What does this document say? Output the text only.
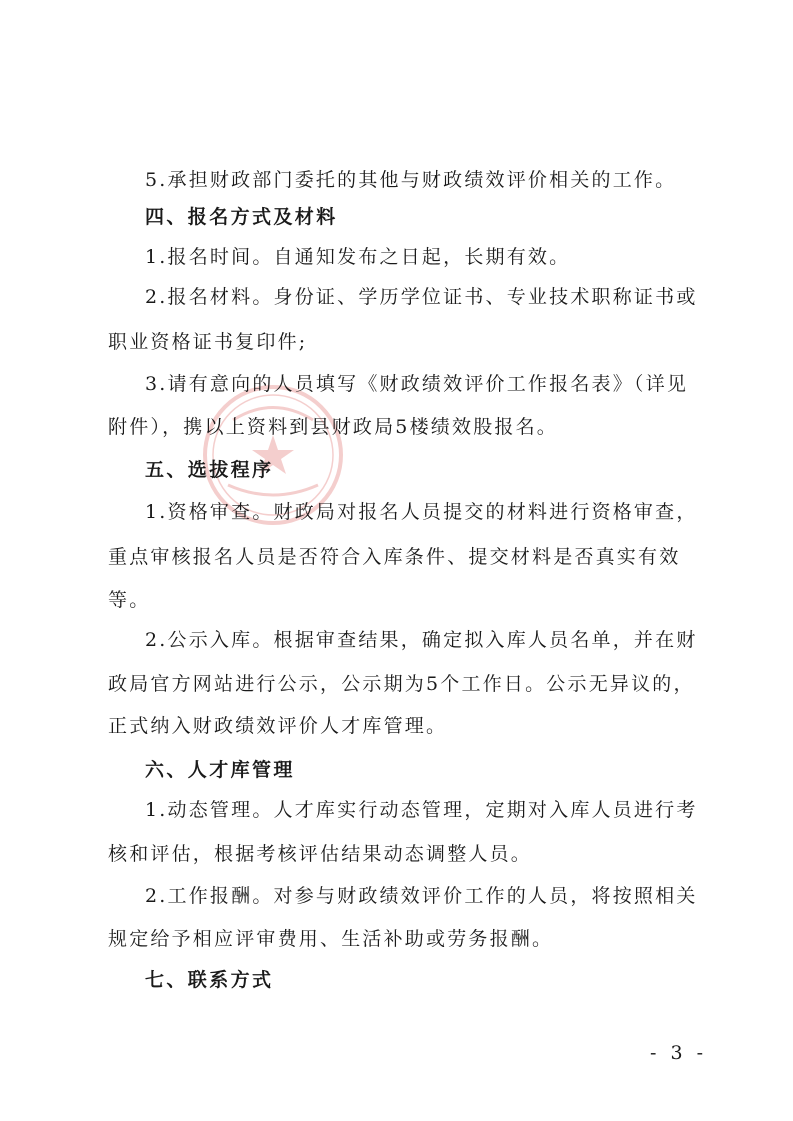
5.承担财政部门委托的其他与财政绩效评价相关的工作。
四、报名方式及材料
1.报名时间。自通知发布之日起，长期有效。
2.报名材料。身份证、学历学位证书、专业技术职称证书或
职业资格证书复印件;
3.请有意向的人员填写《财政绩效评价工作报名表》（详见
附件），携以上资料到县财政局5楼绩效股报名。
五、选拔程序
1.资格审查。财政局对报名人员提交的材料进行资格审查，
重点审核报名人员是否符合入库条件、提交材料是否真实有效
等。
2.公示入库。根据审查结果，确定拟入库人员名单，并在财
政局官方网站进行公示，公示期为5个工作日。公示无异议的，
正式纳入财政绩效评价人才库管理。
六、人才库管理
1.动态管理。人才库实行动态管理，定期对入库人员进行考
核和评估，根据考核评估结果动态调整人员。
2.工作报酬。对参与财政绩效评价工作的人员，将按照相关
规定给予相应评审费用、生活补助或劳务报酬。
七、联系方式
- 3 -
